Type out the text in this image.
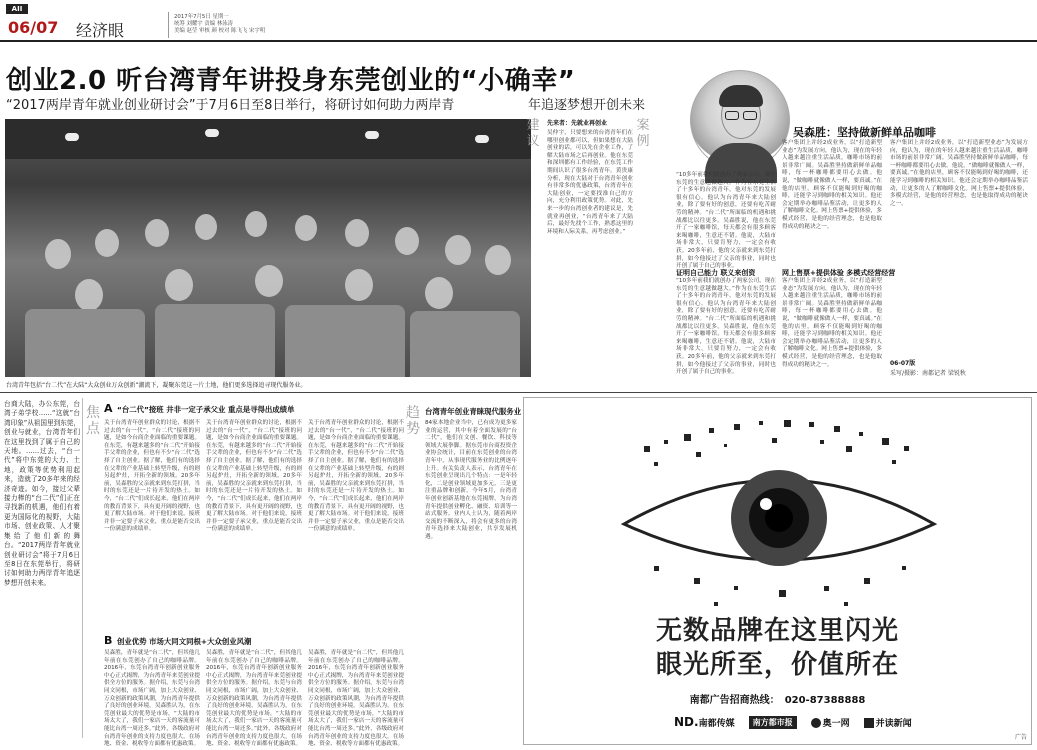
AII
06/07 经济眼
2017年7月5日 星期一
统筹 刘耀宇 责编 林泳涛
美编 赵莹 审核 颜 校对 陈飞飞 宋宇明
创业2.0 听台湾青年讲投身东莞创业的“小确幸”
“2017两岸青年就业创业研讨会”于7月6日至8日举行，将研讨如何助力两岸青	年追逐梦想开创未来
台湾青年包括“台二代”在大陆“大众创业万众创新”潮流下，凝聚东莞这一片土地，他们更多选择追寻现代服务业。
建议
先来者：先就业再创业
吴仲宇，只要想来的台湾青年们在哪里创业都可以，但如果想在大陆创业的话，可以先在企业工作，了解大陆市场之后再创业。他在东莞和深圳都有工作经验，在东莞工作期间认识了很多台湾青年。黄贵康分析，现在大陆对于台湾青年创业有非常多的优惠政策，台湾青年在大陆创业，一定要找准自己的方向，充分利用政策优势。对此，先来一步的台湾创业者的建议是，先就业再创业，“台湾青年来了大陆后，最好先找个工作，熟悉这里的环境和人际关系，再考虑创业。”
案例
“10多年前我们就创办了两家公司，现在东莞的生意越做越大。”作为在东莞生活了十多年的台湾青年，他对东莞的发展很有信心。他认为台湾青年来大陆创业，除了要有好的创意，还要有吃苦耐劳的精神。“台二代”所面临的机遇和挑战都比以往更多。吴森胜说，他在东莞开了一家咖啡馆，每天都会有很多顾客来喝咖啡，生意还不错。他说，大陆市场非常大，只要肯努力，一定会有收获。20多年前，他的父亲就来到东莞打拼，如今他接过了父亲的事业，同时也开创了属于自己的事业。
证明自己能力 联义来创资
“10多年前我们就创办了两家公司，现在东莞的生意越做越大。”作为在东莞生活了十多年的台湾青年，他对东莞的发展很有信心。他认为台湾青年来大陆创业，除了要有好的创意，还要有吃苦耐劳的精神。“台二代”所面临的机遇和挑战都比以往更多。吴森胜说，他在东莞开了一家咖啡馆，每天都会有很多顾客来喝咖啡，生意还不错。他说，大陆市场非常大，只要肯努力，一定会有收获。20多年前，他的父亲就来到东莞打拼，如今他接过了父亲的事业，同时也开创了属于自己的事业。
网上售票+提供体验 多模式经营经营
客户集团上并经2成业务，以“打造新型业态”为发展方向，他认为，现在的年轻人越来越注重生活品质，咖啡市场的前景非常广阔。吴森胜坚持做新鲜单品咖啡，每一杯咖啡都要用心去做。他说，“做咖啡就像做人一样，要真诚。”在他的店里，顾客不仅能喝到好喝的咖啡，还能学习到咖啡的相关知识。他还会定期举办咖啡品鉴活动，让更多的人了解咖啡文化。网上售票+提供体验，多模式经营，是他的经营理念，也是他取得成功的秘诀之一。
客户集团上并经2成业务，以“打造新型业态”为发展方向，他认为，现在的年轻人越来越注重生活品质，咖啡市场的前景非常广阔。吴森胜坚持做新鲜单品咖啡，每一杯咖啡都要用心去做。他说，“做咖啡就像做人一样，要真诚。”在他的店里，顾客不仅能喝到好喝的咖啡，还能学习到咖啡的相关知识。他还会定期举办咖啡品鉴活动，让更多的人了解咖啡文化。网上售票+提供体验，多模式经营，是他的经营理念，也是他取得成功的秘诀之一。
吴森胜：坚持做新鲜单品咖啡
客户集团上并经2成业务，以“打造新型业态”为发展方向，他认为，现在的年轻人越来越注重生活品质，咖啡市场的前景非常广阔。吴森胜坚持做新鲜单品咖啡，每一杯咖啡都要用心去做。他说，“做咖啡就像做人一样，要真诚。”在他的店里，顾客不仅能喝到好喝的咖啡，还能学习到咖啡的相关知识。他还会定期举办咖啡品鉴活动，让更多的人了解咖啡文化。网上售票+提供体验，多模式经营，是他的经营理念，也是他取得成功的秘诀之一。
06-07版
采写/摄影：南都记者 梁锐秋
台商大陆，办公东莞，台湾子弟学校……“这就”台湾印象”从祖国里到东莞，创业与就业，台湾青年们在这里找到了属于自己的天地。……过去，“台一代”将中东莞的大力、土地，政策等优势利用起来，造就了20多年来的经济奇迹。如今，接过父辈接力棒的“台二代”们正在寻找新的机遇，他们有着更为国际化的视野，大陆市场、创业政策、人才聚集给了他们新的舞台。“2017两岸青年就业创业研讨会”将于7月6日至8日在东莞举行，将研讨如何助力两岸青年追逐梦想开创未来。
焦点
A “台二代”接班 井非一定子承父业 重点是寻得出成绩单
关于台湾青年创业群众的讨论，根据不过去的“台一代”，“台二代”接班的问题，是如今台商企业面临的重要课题。在东莞，有越来越多的“台二代”开始接手父辈的企业，但也有不少“台二代”选择了自主创业。据了解，他们有的选择在父辈的产业基础上转型升级，有的则另起炉灶，开拓全新的领域。20多年前，吴森胜的父亲就来到东莞打拼，当时的东莞还是一片待开发的热土。如今，“台二代”们成长起来，他们在两岸的教育背景下，具有更开阔的视野，也更了解大陆市场。对于他们来说，接班并非一定要子承父业，重点是能否交出一份满意的成绩单。
关于台湾青年创业群众的讨论，根据不过去的“台一代”，“台二代”接班的问题，是如今台商企业面临的重要课题。在东莞，有越来越多的“台二代”开始接手父辈的企业，但也有不少“台二代”选择了自主创业。据了解，他们有的选择在父辈的产业基础上转型升级，有的则另起炉灶，开拓全新的领域。20多年前，吴森胜的父亲就来到东莞打拼，当时的东莞还是一片待开发的热土。如今，“台二代”们成长起来，他们在两岸的教育背景下，具有更开阔的视野，也更了解大陆市场。对于他们来说，接班并非一定要子承父业，重点是能否交出一份满意的成绩单。
关于台湾青年创业群众的讨论，根据不过去的“台一代”，“台二代”接班的问题，是如今台商企业面临的重要课题。在东莞，有越来越多的“台二代”开始接手父辈的企业，但也有不少“台二代”选择了自主创业。据了解，他们有的选择在父辈的产业基础上转型升级，有的则另起炉灶，开拓全新的领域。20多年前，吴森胜的父亲就来到东莞打拼，当时的东莞还是一片待开发的热土。如今，“台二代”们成长起来，他们在两岸的教育背景下，具有更开阔的视野，也更了解大陆市场。对于他们来说，接班并非一定要子承父业，重点是能否交出一份满意的成绩单。
B 创业优势 市场大同文同根+大众创业风潮
吴森胜，青年就是“台二代”，但其他几年前在东莞创办了自己的咖啡品牌。2016年，东莞台湾青年创新创业服务中心正式揭牌，为台湾青年来莞创业提供全方位的服务。据介绍，东莞与台湾同文同根，市场广阔，加上大众创业、万众创新的政策风潮，为台湾青年提供了良好的创业环境。吴森胜认为，在东莞创业最大的优势是市场，“大陆的市场太大了，我们一家店一天的客流量可能比台湾一周还多。”此外，各级政府对台湾青年创业的支持力度也很大，在场地、资金、税收等方面都有优惠政策。
吴森胜，青年就是“台二代”，但其他几年前在东莞创办了自己的咖啡品牌。2016年，东莞台湾青年创新创业服务中心正式揭牌，为台湾青年来莞创业提供全方位的服务。据介绍，东莞与台湾同文同根，市场广阔，加上大众创业、万众创新的政策风潮，为台湾青年提供了良好的创业环境。吴森胜认为，在东莞创业最大的优势是市场，“大陆的市场太大了，我们一家店一天的客流量可能比台湾一周还多。”此外，各级政府对台湾青年创业的支持力度也很大，在场地、资金、税收等方面都有优惠政策。
吴森胜，青年就是“台二代”，但其他几年前在东莞创办了自己的咖啡品牌。2016年，东莞台湾青年创新创业服务中心正式揭牌，为台湾青年来莞创业提供全方位的服务。据介绍，东莞与台湾同文同根，市场广阔，加上大众创业、万众创新的政策风潮，为台湾青年提供了良好的创业环境。吴森胜认为，在东莞创业最大的优势是市场，“大陆的市场太大了，我们一家店一天的客流量可能比台湾一周还多。”此外，各级政府对台湾青年创业的支持力度也很大，在场地、资金、税收等方面都有优惠政策。
趋势
台湾青年创业青睐现代服务业
84家本地企业当中，已有成为更多家业的运营，其中有着全面发展的“台二代”，他们在文创、餐饮、科技等领域大展拳脚。据东莞市台商投资企业协会统计，目前在东莞创业的台湾青年中，从事现代服务业的比例逐年上升。有关负责人表示，台湾青年在东莞创业呈现出几个特点：一是年轻化，二是创业领域更加多元，三是更注重品牌和创新。今年5月，台湾青年创业创新基地在东莞揭牌，为台湾青年提供创业孵化、融资、培训等一站式服务。业内人士认为，随着两岸交流的不断深入，将会有更多的台湾青年选择来大陆创业，共享发展机遇。
无数品牌在这里闪光
眼光所至，价值所在
南都广告招商热线： 020-87388888
ND.南都传媒	南方都市报	奥一网	并读新闻
广告
